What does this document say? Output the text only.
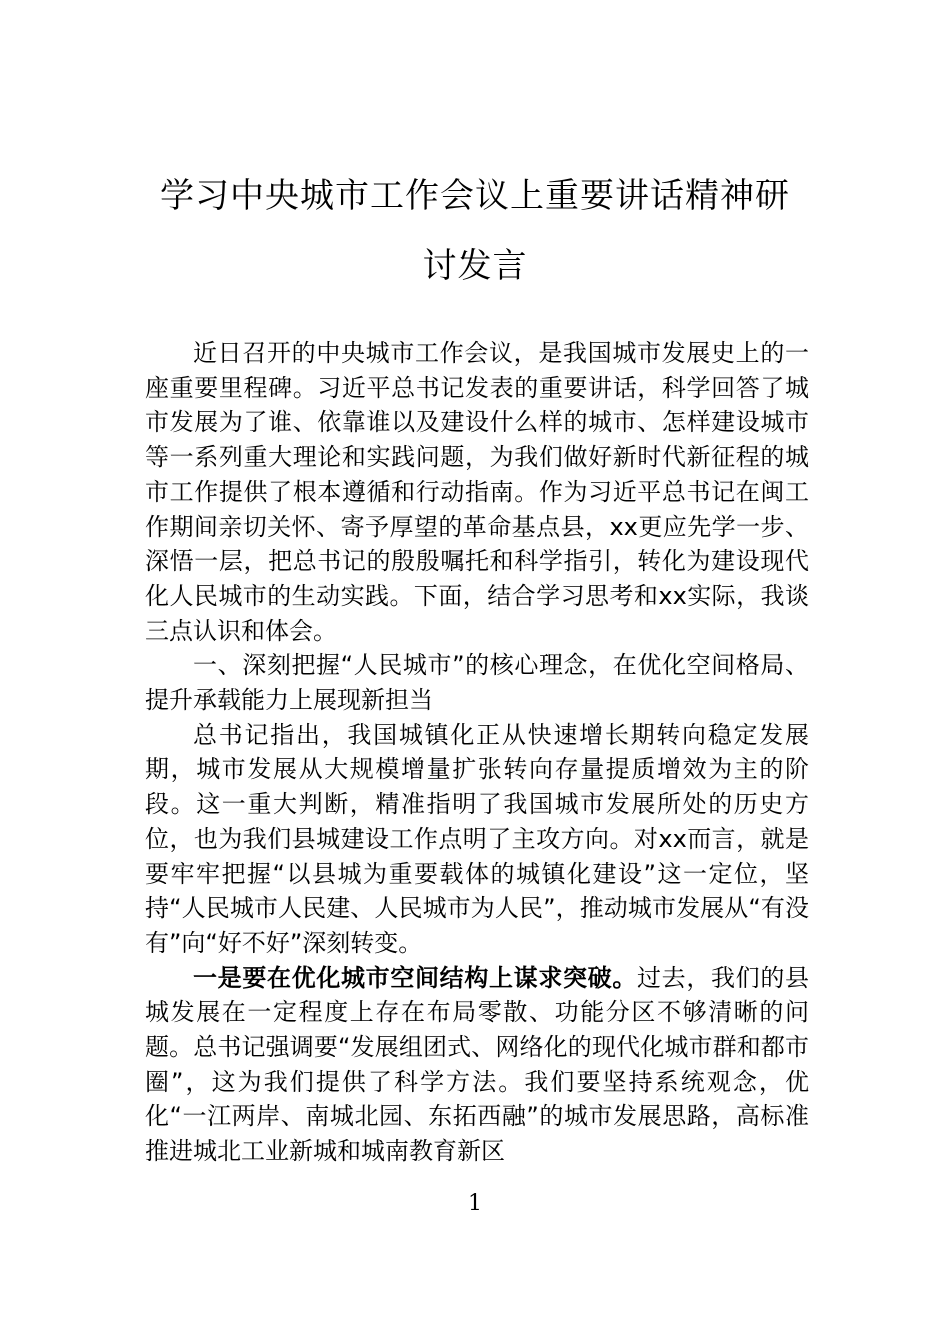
学习中央城市工作会议上重要讲话精神研
讨发言

近日召开的中央城市工作会议，是我国城市发展史上的一座重要里程碑。习近平总书记发表的重要讲话，科学回答了城市发展为了谁、依靠谁以及建设什么样的城市、怎样建设城市等一系列重大理论和实践问题，为我们做好新时代新征程的城市工作提供了根本遵循和行动指南。作为习近平总书记在闽工作期间亲切关怀、寄予厚望的革命基点县，xx更应先学一步、深悟一层，把总书记的殷殷嘱托和科学指引，转化为建设现代化人民城市的生动实践。下面，结合学习思考和xx实际，我谈三点认识和体会。

一、深刻把握“人民城市”的核心理念，在优化空间格局、提升承载能力上展现新担当

总书记指出，我国城镇化正从快速增长期转向稳定发展期，城市发展从大规模增量扩张转向存量提质增效为主的阶段。这一重大判断，精准指明了我国城市发展所处的历史方位，也为我们县城建设工作点明了主攻方向。对xx而言，就是要牢牢把握“以县城为重要载体的城镇化建设”这一定位，坚持“人民城市人民建、人民城市为人民”，推动城市发展从“有没有”向“好不好”深刻转变。

一是要在优化城市空间结构上谋求突破。过去，我们的县城发展在一定程度上存在布局零散、功能分区不够清晰的问题。总书记强调要“发展组团式、网络化的现代化城市群和都市圈”，这为我们提供了科学方法。我们要坚持系统观念，优化“一江两岸、南城北园、东拓西融”的城市发展思路，高标准推进城北工业新城和城南教育新区

1
